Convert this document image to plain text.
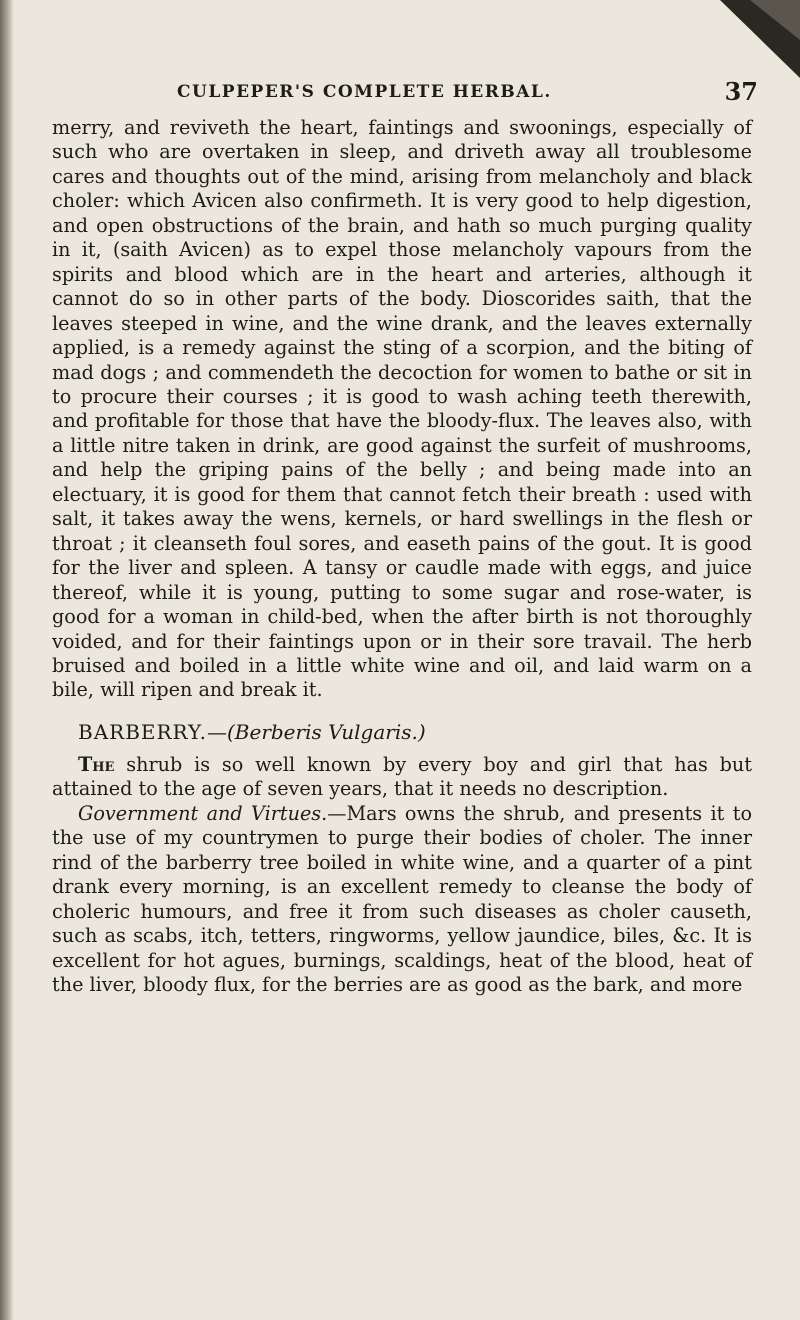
CULPEPER'S COMPLETE HERBAL.	37

merry, and reviveth the heart, faintings and swoonings, especially of such who are overtaken in sleep, and driveth away all troublesome cares and thoughts out of the mind, arising from melancholy and black choler: which Avicen also confirmeth. It is very good to help digestion, and open obstructions of the brain, and hath so much purging quality in it, (saith Avicen) as to expel those melancholy vapours from the spirits and blood which are in the heart and arteries, although it cannot do so in other parts of the body. Dioscorides saith, that the leaves steeped in wine, and the wine drank, and the leaves externally applied, is a remedy against the sting of a scorpion, and the biting of mad dogs ; and commendeth the decoction for women to bathe or sit in to procure their courses ; it is good to wash aching teeth therewith, and profitable for those that have the bloody-flux. The leaves also, with a little nitre taken in drink, are good against the surfeit of mushrooms, and help the griping pains of the belly ; and being made into an electuary, it is good for them that cannot fetch their breath : used with salt, it takes away the wens, kernels, or hard swellings in the flesh or throat ; it cleanseth foul sores, and easeth pains of the gout. It is good for the liver and spleen. A tansy or caudle made with eggs, and juice thereof, while it is young, putting to some sugar and rose-water, is good for a woman in child-bed, when the after birth is not thoroughly voided, and for their faintings upon or in their sore travail. The herb bruised and boiled in a little white wine and oil, and laid warm on a bile, will ripen and break it.

BARBERRY.—(Berberis Vulgaris.)

The shrub is so well known by every boy and girl that has but attained to the age of seven years, that it needs no description.

Government and Virtues.—Mars owns the shrub, and presents it to the use of my countrymen to purge their bodies of choler. The inner rind of the barberry tree boiled in white wine, and a quarter of a pint drank every morning, is an excellent remedy to cleanse the body of choleric humours, and free it from such diseases as choler causeth, such as scabs, itch, tetters, ringworms, yellow jaundice, biles, &c. It is excellent for hot agues, burnings, scaldings, heat of the blood, heat of the liver, bloody flux, for the berries are as good as the bark, and more
